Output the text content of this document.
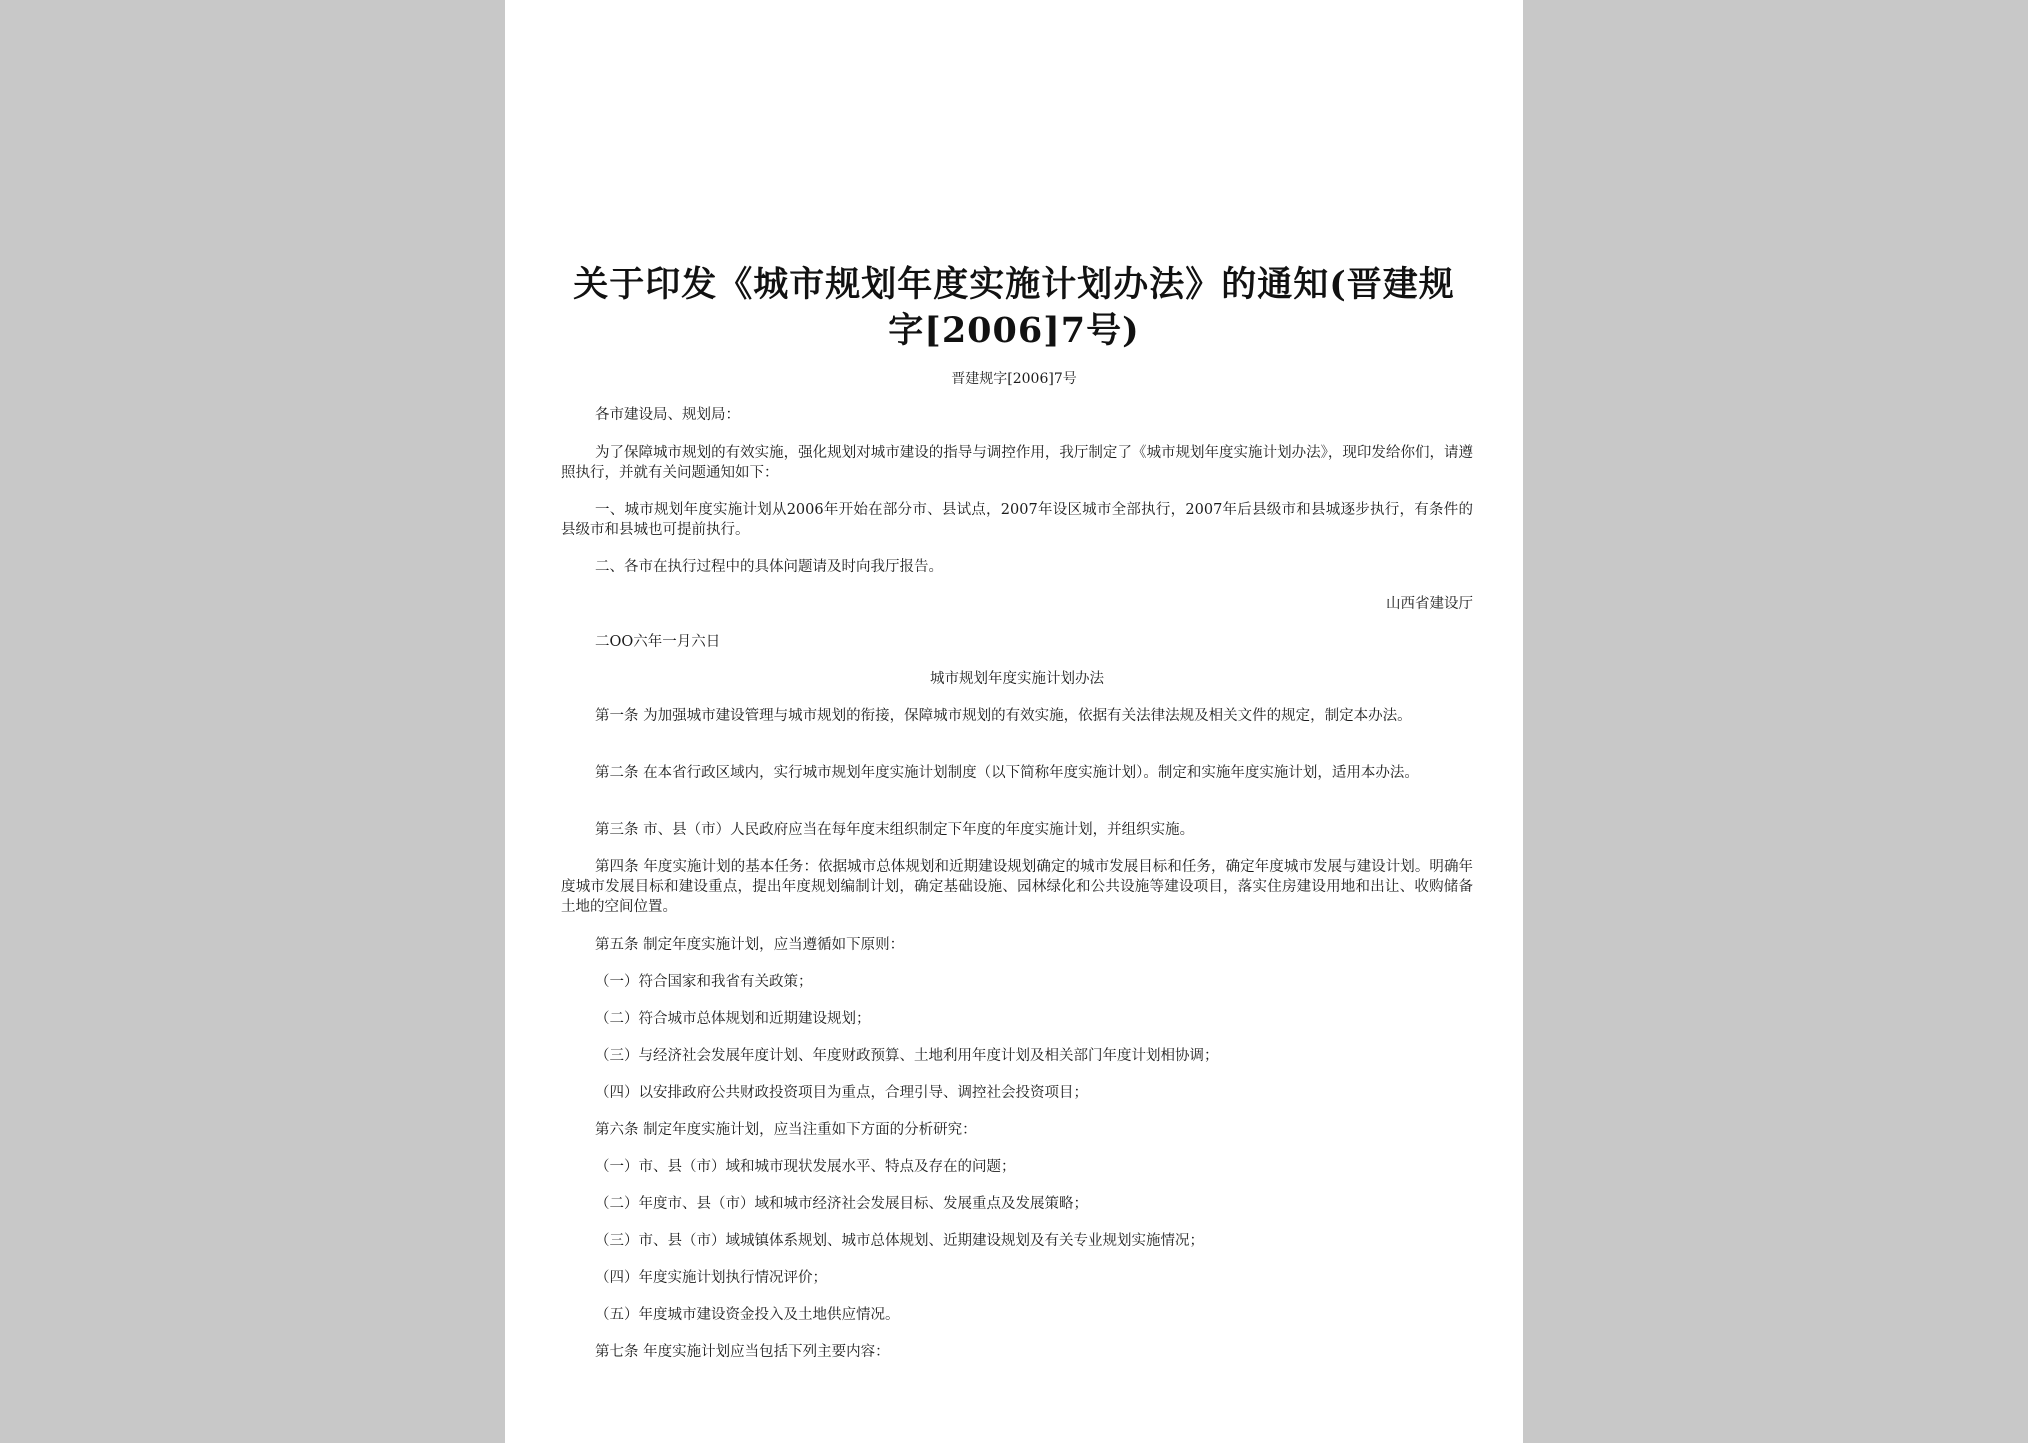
关于印发《城市规划年度实施计划办法》的通知(晋建规
字[2006]7号)
晋建规字[2006]7号

各市建设局、规划局：

为了保障城市规划的有效实施，强化规划对城市建设的指导与调控作用，我厅制定了《城市规划年度实施计划办法》，现印发给你们，请遵照执行，并就有关问题通知如下：

一、城市规划年度实施计划从2006年开始在部分市、县试点，2007年设区城市全部执行，2007年后县级市和县城逐步执行，有条件的县级市和县城也可提前执行。

二、各市在执行过程中的具体问题请及时向我厅报告。

山西省建设厅

二OO六年一月六日

城市规划年度实施计划办法

第一条 为加强城市建设管理与城市规划的衔接，保障城市规划的有效实施，依据有关法律法规及相关文件的规定，制定本办法。

第二条 在本省行政区域内，实行城市规划年度实施计划制度（以下简称年度实施计划）。制定和实施年度实施计划，适用本办法。

第三条 市、县（市）人民政府应当在每年度末组织制定下年度的年度实施计划，并组织实施。

第四条 年度实施计划的基本任务：依据城市总体规划和近期建设规划确定的城市发展目标和任务，确定年度城市发展与建设计划。明确年度城市发展目标和建设重点，提出年度规划编制计划，确定基础设施、园林绿化和公共设施等建设项目，落实住房建设用地和出让、收购储备土地的空间位置。

第五条 制定年度实施计划，应当遵循如下原则：

（一）符合国家和我省有关政策；

（二）符合城市总体规划和近期建设规划；

（三）与经济社会发展年度计划、年度财政预算、土地利用年度计划及相关部门年度计划相协调；

（四）以安排政府公共财政投资项目为重点，合理引导、调控社会投资项目；

第六条 制定年度实施计划，应当注重如下方面的分析研究：

（一）市、县（市）域和城市现状发展水平、特点及存在的问题；

（二）年度市、县（市）域和城市经济社会发展目标、发展重点及发展策略；

（三）市、县（市）域城镇体系规划、城市总体规划、近期建设规划及有关专业规划实施情况；

（四）年度实施计划执行情况评价；

（五）年度城市建设资金投入及土地供应情况。

第七条 年度实施计划应当包括下列主要内容：
